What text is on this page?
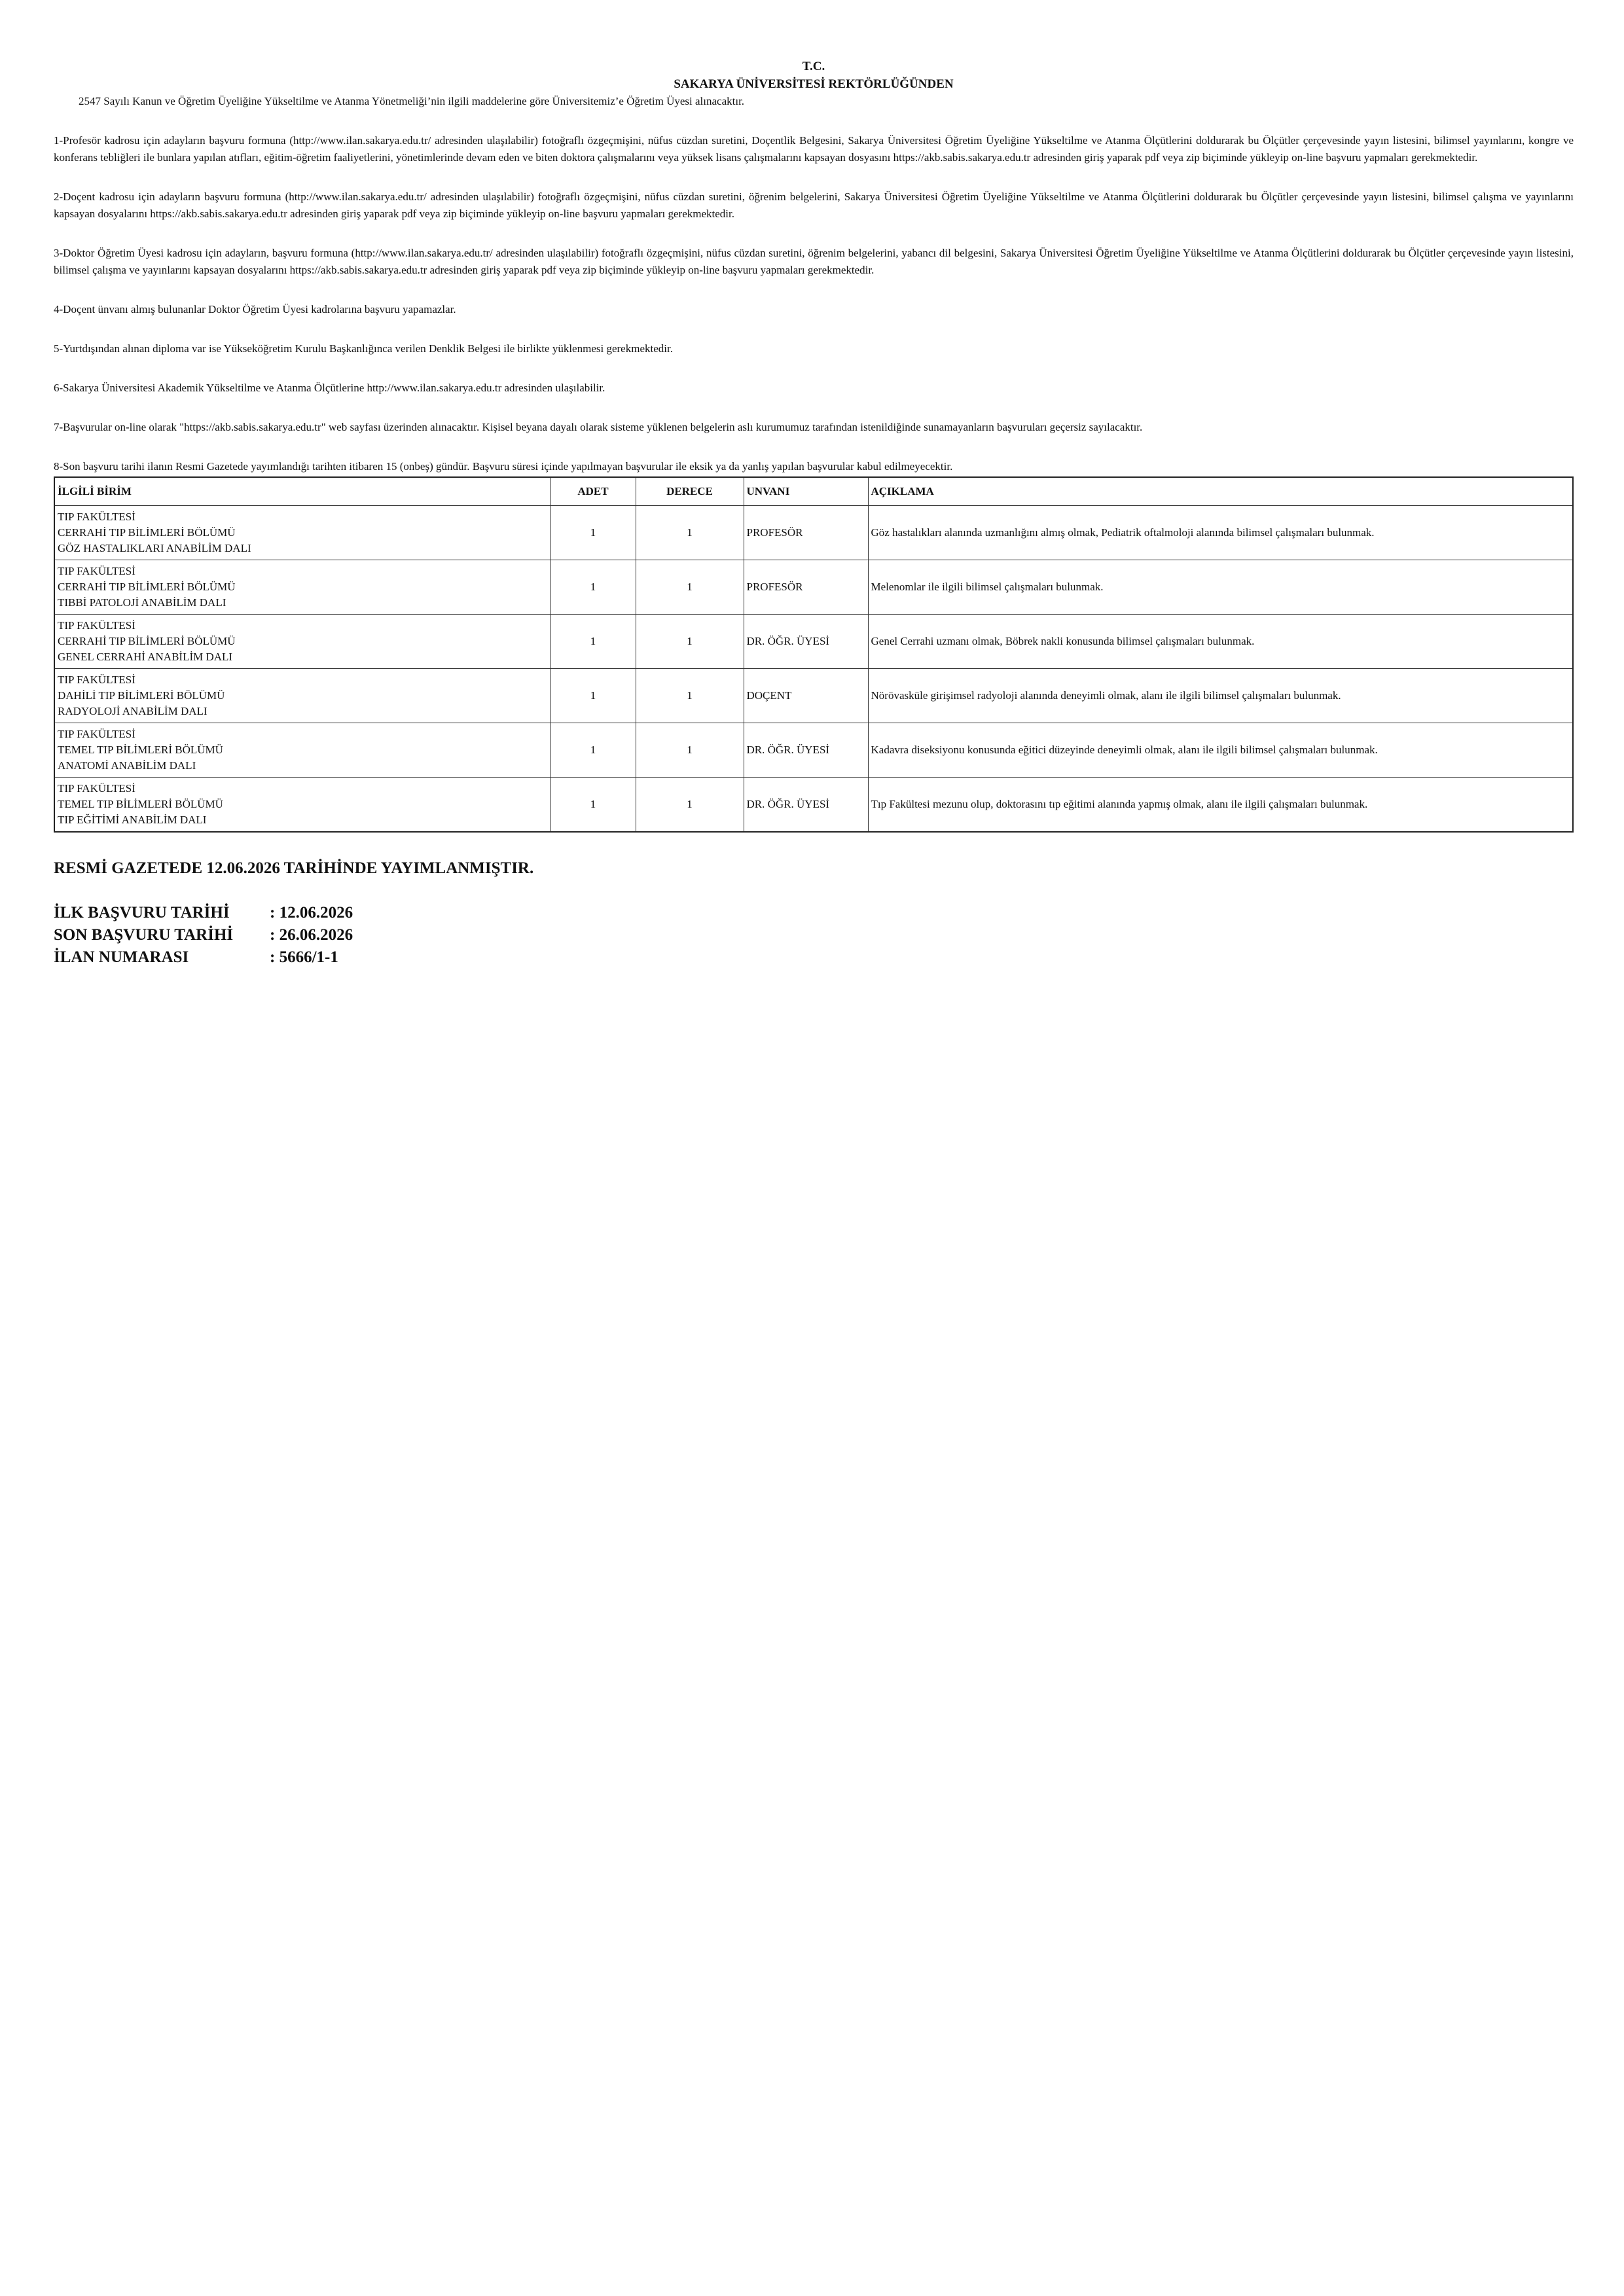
T.C.
SAKARYA ÜNİVERSİTESİ REKTÖRLÜĞÜNDEN
2547 Sayılı Kanun ve Öğretim Üyeliğine Yükseltilme ve Atanma Yönetmeliği’nin ilgili maddelerine göre Üniversitemiz’e Öğretim Üyesi alınacaktır.

1-Profesör kadrosu için adayların başvuru formuna (http://www.ilan.sakarya.edu.tr/ adresinden ulaşılabilir) fotoğraflı özgeçmişini, nüfus cüzdan suretini, Doçentlik Belgesini, Sakarya Üniversitesi Öğretim Üyeliğine Yükseltilme ve Atanma Ölçütlerini doldurarak bu Ölçütler çerçevesinde yayın listesini, bilimsel yayınlarını, kongre ve konferans tebliğleri ile bunlara yapılan atıfları, eğitim-öğretim faaliyetlerini, yönetimlerinde devam eden ve biten doktora çalışmalarını veya yüksek lisans çalışmalarını kapsayan dosyasını https://akb.sabis.sakarya.edu.tr adresinden giriş yaparak pdf veya zip biçiminde yükleyip on-line başvuru yapmaları gerekmektedir.

2-Doçent kadrosu için adayların başvuru formuna (http://www.ilan.sakarya.edu.tr/ adresinden ulaşılabilir) fotoğraflı özgeçmişini, nüfus cüzdan suretini, öğrenim belgelerini, Sakarya Üniversitesi Öğretim Üyeliğine Yükseltilme ve Atanma Ölçütlerini doldurarak bu Ölçütler çerçevesinde yayın listesini, bilimsel çalışma ve yayınlarını kapsayan dosyalarını https://akb.sabis.sakarya.edu.tr adresinden giriş yaparak pdf veya zip biçiminde yükleyip on-line başvuru yapmaları gerekmektedir.

3-Doktor Öğretim Üyesi kadrosu için adayların, başvuru formuna (http://www.ilan.sakarya.edu.tr/ adresinden ulaşılabilir) fotoğraflı özgeçmişini, nüfus cüzdan suretini, öğrenim belgelerini, yabancı dil belgesini, Sakarya Üniversitesi Öğretim Üyeliğine Yükseltilme ve Atanma Ölçütlerini doldurarak bu Ölçütler çerçevesinde yayın listesini, bilimsel çalışma ve yayınlarını kapsayan dosyalarını https://akb.sabis.sakarya.edu.tr adresinden giriş yaparak pdf veya zip biçiminde yükleyip on-line başvuru yapmaları gerekmektedir.

4-Doçent ünvanı almış bulunanlar Doktor Öğretim Üyesi kadrolarına başvuru yapamazlar.

5-Yurtdışından alınan diploma var ise Yükseköğretim Kurulu Başkanlığınca verilen Denklik Belgesi ile birlikte yüklenmesi gerekmektedir.

6-Sakarya Üniversitesi Akademik Yükseltilme ve Atanma Ölçütlerine http://www.ilan.sakarya.edu.tr adresinden ulaşılabilir.

7-Başvurular on-line olarak "https://akb.sabis.sakarya.edu.tr" web sayfası üzerinden alınacaktır. Kişisel beyana dayalı olarak sisteme yüklenen belgelerin aslı kurumumuz tarafından istenildiğinde sunamayanların başvuruları geçersiz sayılacaktır.

8-Son başvuru tarihi ilanın Resmi Gazetede yayımlandığı tarihten itibaren 15 (onbeş) gündür. Başvuru süresi içinde yapılmayan başvurular ile eksik ya da yanlış yapılan başvurular kabul edilmeyecektir.

İLGİLİ BİRİM	ADET	DERECE	UNVANI	AÇIKLAMA

TIP FAKÜLTESİ
CERRAHİ TIP BİLİMLERİ BÖLÜMÜ
GÖZ HASTALIKLARI ANABİLİM DALI	1	1	PROFESÖR	Göz hastalıkları alanında uzmanlığını almış olmak, Pediatrik oftalmoloji alanında bilimsel çalışmaları bulunmak.

TIP FAKÜLTESİ
CERRAHİ TIP BİLİMLERİ BÖLÜMÜ
TIBBİ PATOLOJİ ANABİLİM DALI	1	1	PROFESÖR	Melenomlar ile ilgili bilimsel çalışmaları bulunmak.

TIP FAKÜLTESİ
CERRAHİ TIP BİLİMLERİ BÖLÜMÜ
GENEL CERRAHİ ANABİLİM DALI	1	1	DR. ÖĞR. ÜYESİ	Genel Cerrahi uzmanı olmak, Böbrek nakli konusunda bilimsel çalışmaları bulunmak.

TIP FAKÜLTESİ
DAHİLİ TIP BİLİMLERİ BÖLÜMÜ
RADYOLOJİ ANABİLİM DALI	1	1	DOÇENT	Nörövasküle girişimsel radyoloji alanında deneyimli olmak, alanı ile ilgili bilimsel çalışmaları bulunmak.

TIP FAKÜLTESİ
TEMEL TIP BİLİMLERİ BÖLÜMÜ
ANATOMİ ANABİLİM DALI	1	1	DR. ÖĞR. ÜYESİ	Kadavra diseksiyonu konusunda eğitici düzeyinde deneyimli olmak, alanı ile ilgili bilimsel çalışmaları bulunmak.

TIP FAKÜLTESİ
TEMEL TIP BİLİMLERİ BÖLÜMÜ
TIP EĞİTİMİ ANABİLİM DALI	1	1	DR. ÖĞR. ÜYESİ	Tıp Fakültesi mezunu olup, doktorasını tıp eğitimi alanında yapmış olmak, alanı ile ilgili çalışmaları bulunmak.
RESMİ GAZETEDE 12.06.2026 TARİHİNDE YAYIMLANMIŞTIR.
İLK BAŞVURU TARİHİ	: 12.06.2026
SON BAŞVURU TARİHİ	: 26.06.2026
İLAN NUMARASI	: 5666/1-1
